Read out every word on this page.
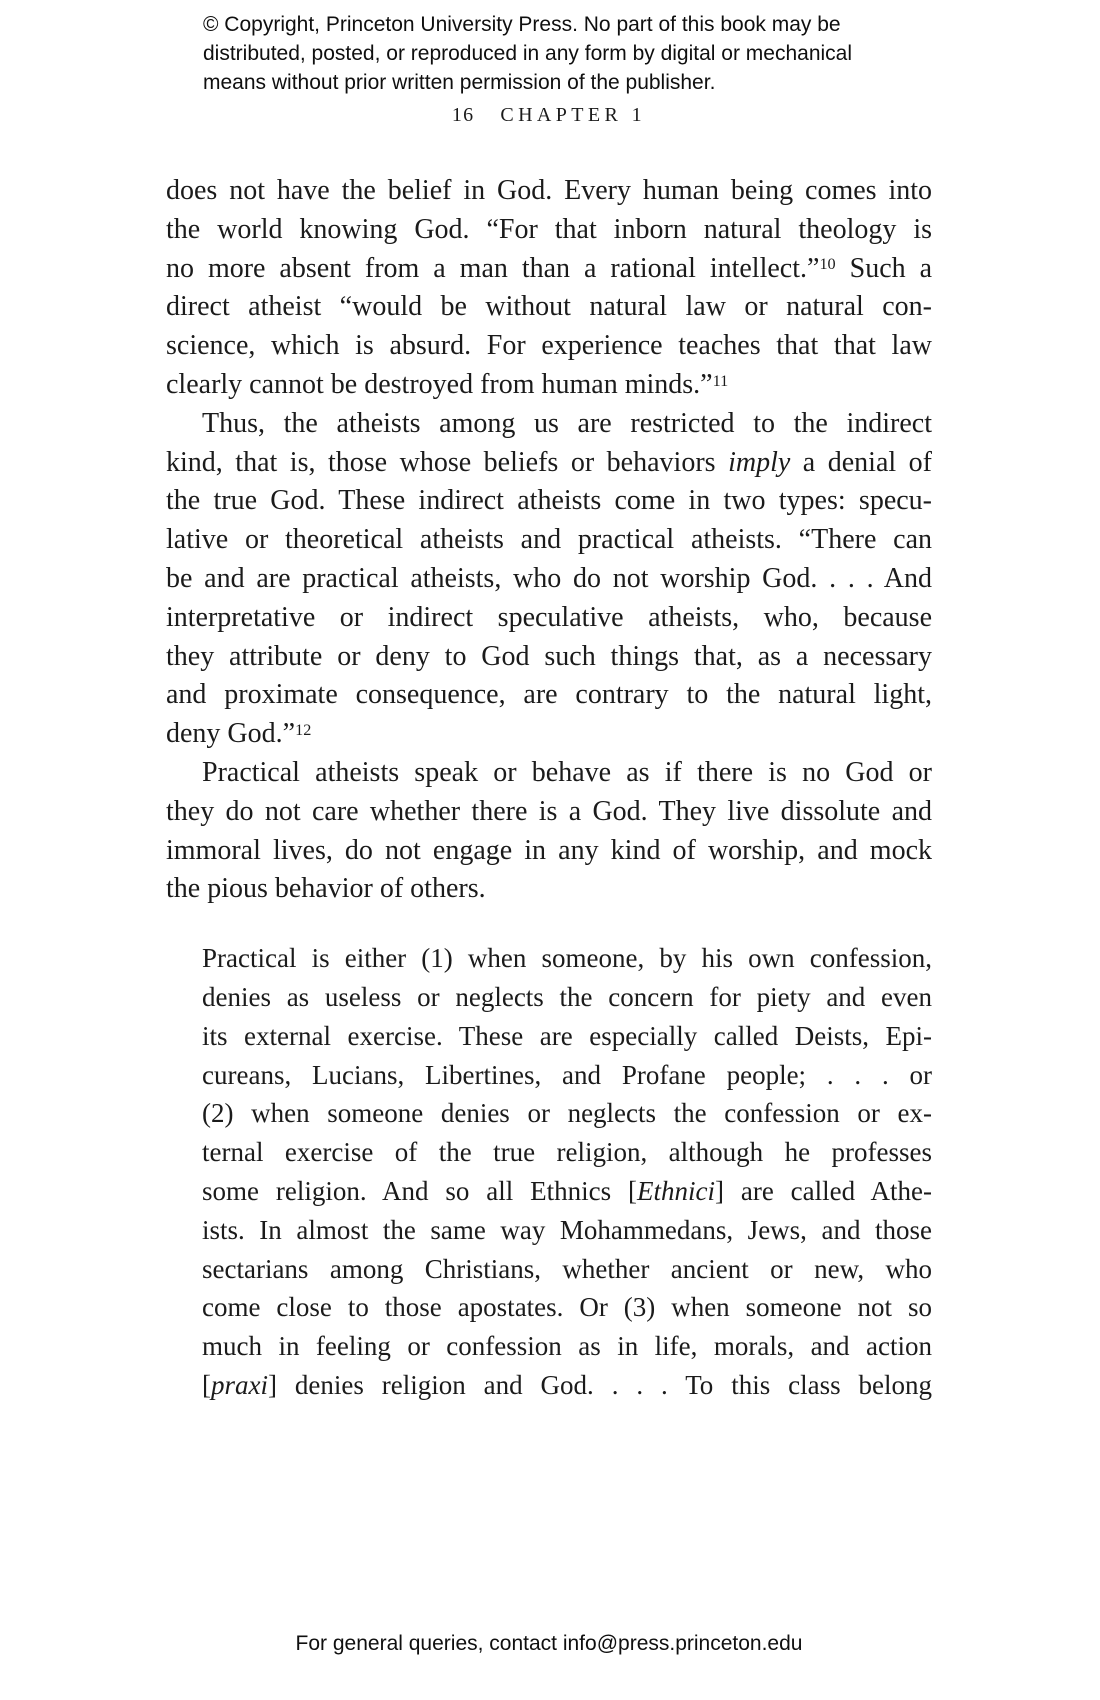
© Copyright, Princeton University Press. No part of this book may be
distributed, posted, or reproduced in any form by digital or mechanical
means without prior written permission of the publisher.
16 CHAPTER 1
does not have the belief in God. Every human being comes into
the world knowing God. “For that inborn natural theology is
no more absent from a man than a rational intellect.”$^{10}$ Such a
direct atheist “would be without natural law or natural con-
science, which is absurd. For experience teaches that that law
clearly cannot be destroyed from human minds.”$^{11}$
Thus, the atheists among us are restricted to the indirect
kind, that is, those whose beliefs or behaviors imply a denial of
the true God. These indirect atheists come in two types: specu-
lative or theoretical atheists and practical atheists. “There can
be and are practical atheists, who do not worship God. . . . And
interpretative or indirect speculative atheists, who, because
they attribute or deny to God such things that, as a necessary
and proximate consequence, are contrary to the natural light,
deny God.”$^{12}$
Practical atheists speak or behave as if there is no God or
they do not care whether there is a God. They live dissolute and
immoral lives, do not engage in any kind of worship, and mock
the pious behavior of others.
Practical is either (1) when someone, by his own confession,
denies as useless or neglects the concern for piety and even
its external exercise. These are especially called Deists, Epi-
cureans, Lucians, Libertines, and Profane people; . . . or
(2) when someone denies or neglects the confession or ex-
ternal exercise of the true religion, although he professes
some religion. And so all Ethnics [Ethnici] are called Athe-
ists. In almost the same way Mohammedans, Jews, and those
sectarians among Christians, whether ancient or new, who
come close to those apostates. Or (3) when someone not so
much in feeling or confession as in life, morals, and action
[praxi] denies religion and God. . . . To this class belong
For general queries, contact info@press.princeton.edu
